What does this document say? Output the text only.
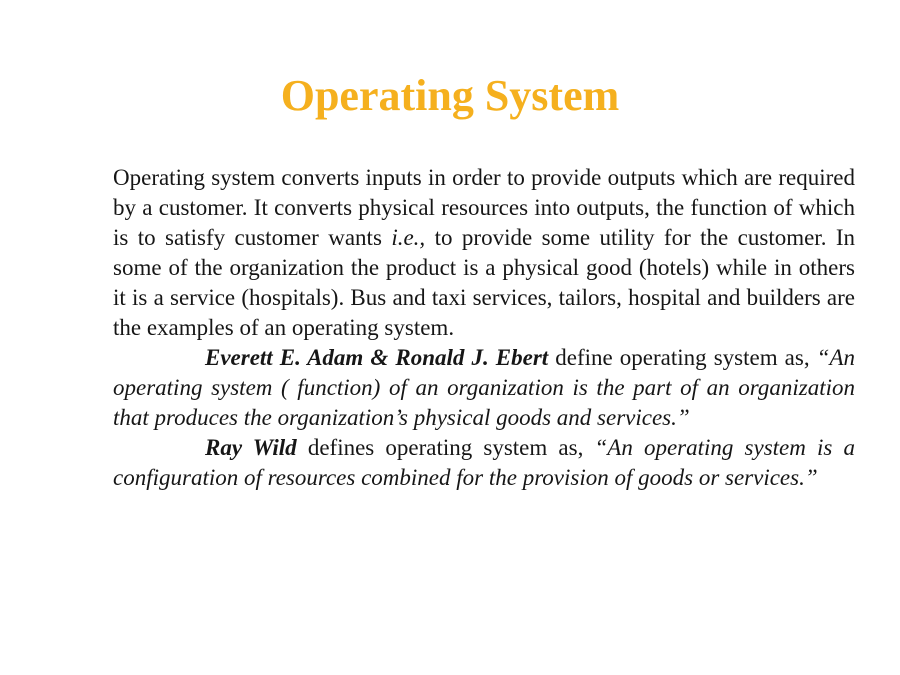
Operating System

Operating system converts inputs in order to provide outputs which are required by a customer. It converts physical resources into outputs, the function of which is to satisfy customer wants i.e., to provide some utility for the customer. In some of the organization the product is a physical good (hotels) while in others it is a service (hospitals). Bus and taxi services, tailors, hospital and builders are the examples of an operating system.

Everett E. Adam & Ronald J. Ebert define operating system as, “An operating system ( function) of an organization is the part of an organization that produces the organization’s physical goods and services.”

Ray Wild defines operating system as, “An operating system is a configuration of resources combined for the provision of goods or services.”
